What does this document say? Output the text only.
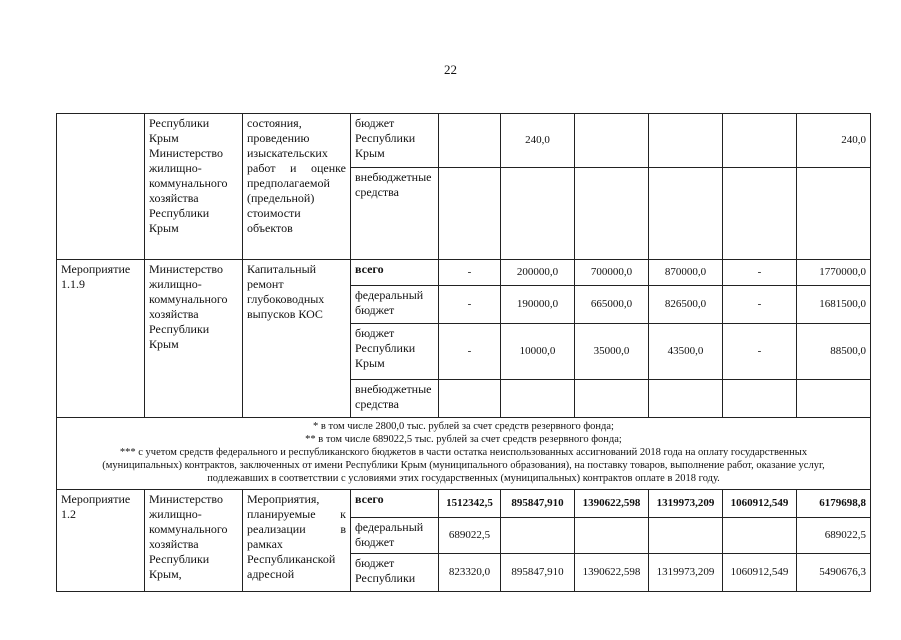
22
	Республики Крым Министерство жилищно-коммунального хозяйства Республики Крым	состояния, проведению изыскательских работ и оценке предполагаемой (предельной) стоимости объектов	бюджет Республики Крым		240,0				240,0
			внебюджетные средства						
Мероприятие 1.1.9	Министерство жилищно-коммунального хозяйства Республики Крым	Капитальный ремонт глубоководных выпусков КОС	всего	-	200000,0	700000,0	870000,0	-	1770000,0
			федеральный бюджет	-	190000,0	665000,0	826500,0	-	1681500,0
			бюджет Республики Крым	-	10000,0	35000,0	43500,0	-	88500,0
			внебюджетные средства						

* в том числе 2800,0 тыс. рублей за счет средств резервного фонда;
** в том числе 689022,5 тыс. рублей за счет средств резервного фонда;
*** с учетом средств федерального и республиканского бюджетов в части остатка неиспользованных ассигнований 2018 года на оплату государственных
(муниципальных) контрактов, заключенных от имени Республики Крым (муниципального образования), на поставку товаров, выполнение работ, оказание услуг,
подлежавших в соответствии с условиями этих государственных (муниципальных) контрактов оплате в 2018 году.									

Мероприятие 1.2	Министерство жилищно-коммунального хозяйства Республики Крым,	Мероприятия, планируемые к реализации в рамках Республиканской адресной	всего	1512342,5	895847,910	1390622,598	1319973,209	1060912,549	6179698,8
			федеральный бюджет	689022,5					689022,5
			бюджет Республики	823320,0	895847,910	1390622,598	1319973,209	1060912,549	5490676,3
